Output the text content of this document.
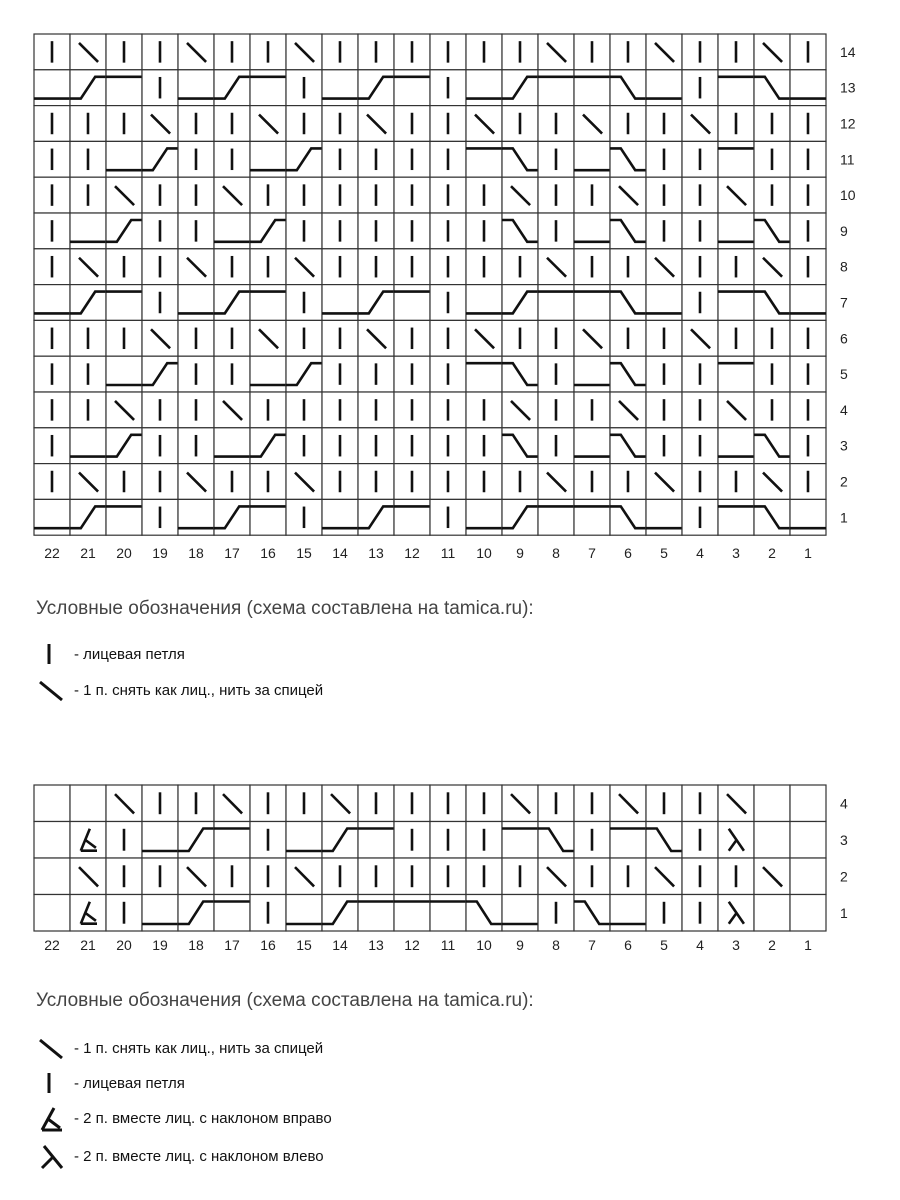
14
13
12
11
10
9
8
7
6
5
4
3
2
1
22 21 20 19 18 17 16 15 14 13 12 11 10 9 8 7 6 5 4 3 2 1
4
3
2
1
22 21 20 19 18 17 16 15 14 13 12 11 10 9 8 7 6 5 4 3 2 1
Условные обозначения (схема составлена на tamica.ru):
- лицевая петля
- 1 п. снять как лиц., нить за спицей
Условные обозначения (схема составлена на tamica.ru):
- 1 п. снять как лиц., нить за спицей
- лицевая петля
- 2 п. вместе лиц. с наклоном вправо
- 2 п. вместе лиц. с наклоном влево
